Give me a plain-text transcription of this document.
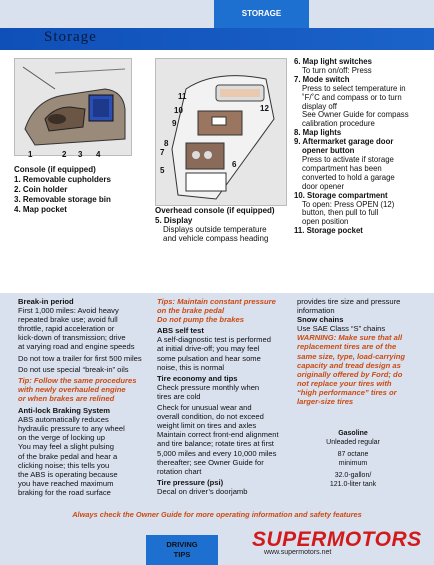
STORAGE
Storage
1	2 3 4
Console (if equipped)
1. Removable cupholders
2. Coin holder
3. Removable storage bin
4. Map pocket
11
12
10
9
8
7
6
5
Overhead console (if equipped)
5. Display
Displays outside temperature
and vehicle compass heading

6. Map light switches

To turn on/off: Press

7. Mode switch

Press to select temperature in

˚F/˚C and compass or to turn

display off

See Owner Guide for compass

calibration procedure

8. Map lights

9. Aftermarket garage door

opener button

Press to activate if storage

compartment has been

converted to hold a garage

door opener

10. Storage compartment

To open: Press OPEN (12)

button, then pull to full

open position

11. Storage pocket

Break-in period

First 1,000 miles: Avoid heavy

repeated brake use; avoid full

throttle, rapid acceleration or

kick-down of transmission; drive

at varying road and engine speeds

Do not tow a trailer for first 500 miles

Do not use special “break-in” oils

Tip: Follow the same procedures

with newly overhauled engine

or when brakes are relined

Anti-lock Braking System

ABS automatically reduces

hydraulic pressure to any wheel

on the verge of locking up

You may feel a slight pulsing

of the brake pedal and hear a

clicking noise; this tells you

the ABS is operating because

you have reached maximum

braking for the road surface

Tips: Maintain constant pressure

on the brake pedal

Do not pump the brakes

ABS self test

A self-diagnostic test is performed

at initial drive-off; you may feel

some pulsation and hear some

noise, this is normal

Tire economy and tips

Check pressure monthly when

tires are cold

Check for unusual wear and

overall condition, do not exceed

weight limit on tires and axles

Maintain correct front-end alignment

and tire balance; rotate tires at first

5,000 miles and every 10,000 miles

thereafter; see Owner Guide for

rotation chart

Tire pressure (psi)

Decal on driver’s doorjamb

provides tire size and pressure

information

Snow chains

Use SAE Class “S” chains

WARNING: Make sure that all

replacement tires are of the

same size, type, load-carrying

capacity and tread design as

originally offered by Ford; do

not replace your tires with

“high performance” tires or

larger-size tires

Gasoline
Unleaded regular
87 octane
minimum
32.0-gallon/
121.0-liter tank
Always check the Owner Guide for more operating information and safety features
DRIVING
TIPS
SUPERMOTORS
www.supermotors.net
